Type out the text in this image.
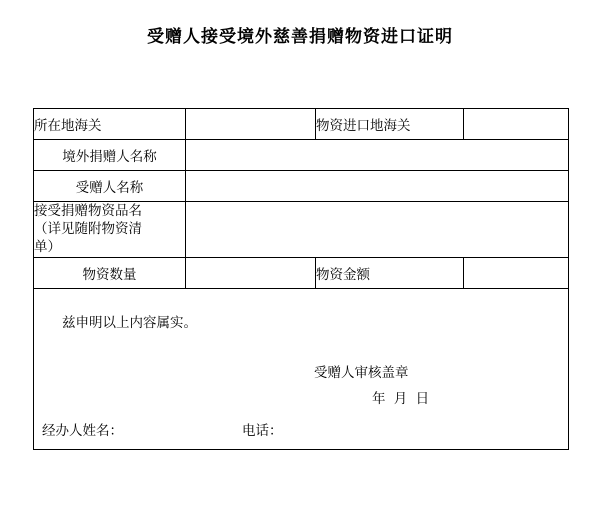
受赠人接受境外慈善捐赠物资进口证明
所在地海关		物资进口地海关	
境外捐赠人名称			
受赠人名称			

接受捐赠物资品名
（详见随附物资清
单）			

物资数量		物资金额	

兹申明以上内容属实。
受赠人审核盖章
年 月 日
经办人姓名： 电话：			
